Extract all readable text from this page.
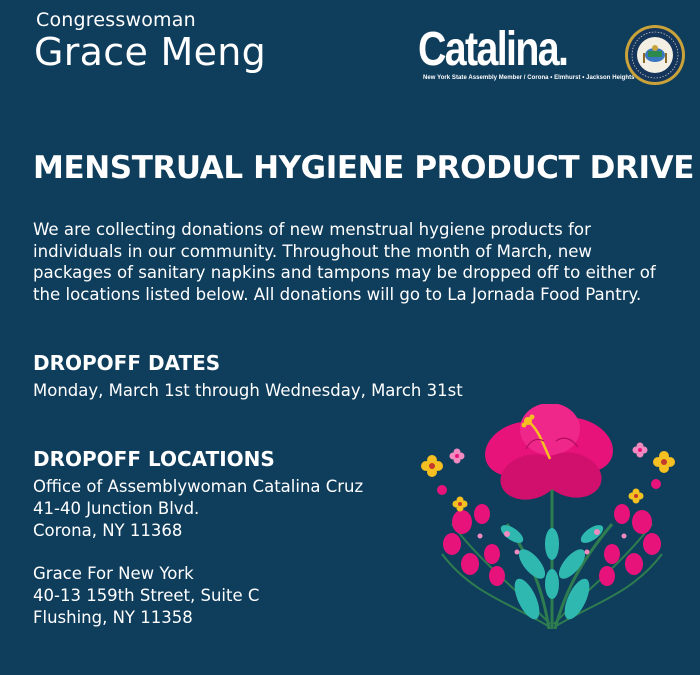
Congresswoman
Grace Meng	Catalina.
New York State Assembly Member / Corona • Elmhurst • Jackson Heights
MENSTRUAL HYGIENE PRODUCT DRIVE
We are collecting donations of new menstrual hygiene products for individuals in our community. Throughout the month of March, new packages of sanitary napkins and tampons may be dropped off to either of the locations listed below. All donations will go to La Jornada Food Pantry.
DROPOFF DATES
Monday, March 1st through Wednesday, March 31st
DROPOFF LOCATIONS
Office of Assemblywoman Catalina Cruz
41-40 Junction Blvd.
Corona, NY 11368
Grace For New York
40-13 159th Street, Suite C
Flushing, NY 11358
